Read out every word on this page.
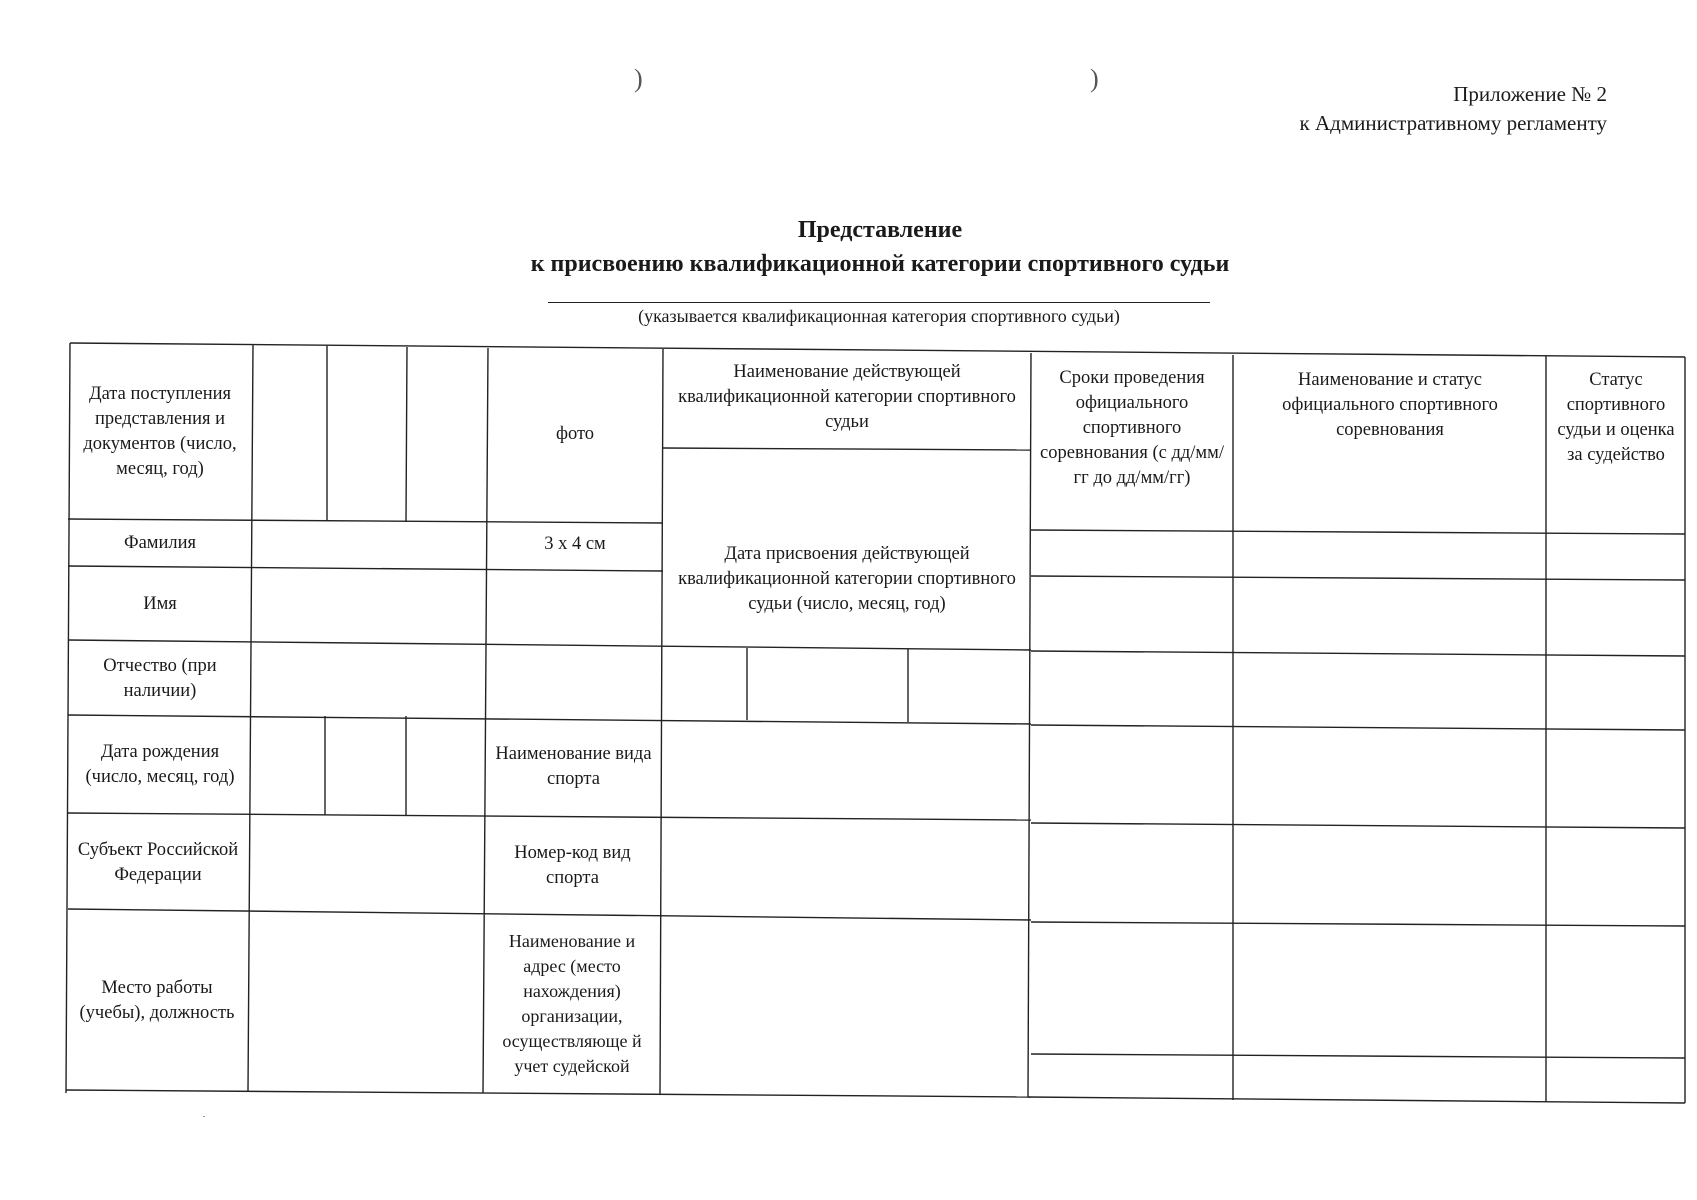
)	)
Приложение № 2
к Административному регламенту
Представление
к присвоению квалификационной категории спортивного судьи
(указывается квалификационная категория спортивного судьи)
Дата поступления представления и документов (число, месяц, год)
фото
Фамилия	3 х 4 см
Имя
Отчество (при наличии)
Дата рождения (число, месяц, год)
Наименование вида спорта
Субъект Российской Федерации
Номер-код вид спорта
Место работы (учебы), должность
Наименование и адрес (место нахождения) организации, осуществляюще й учет судейской
Наименование действующей квалификационной категории спортивного судьи
Дата присвоения действующей квалификационной категории спортивного судьи (число, месяц, год)
Сроки проведения официального спортивного соревнования (с дд/мм/гг до дд/мм/гг)
Наименование и статус официального спортивного соревнования
Статус спортивного судьи и оценка за судейство
